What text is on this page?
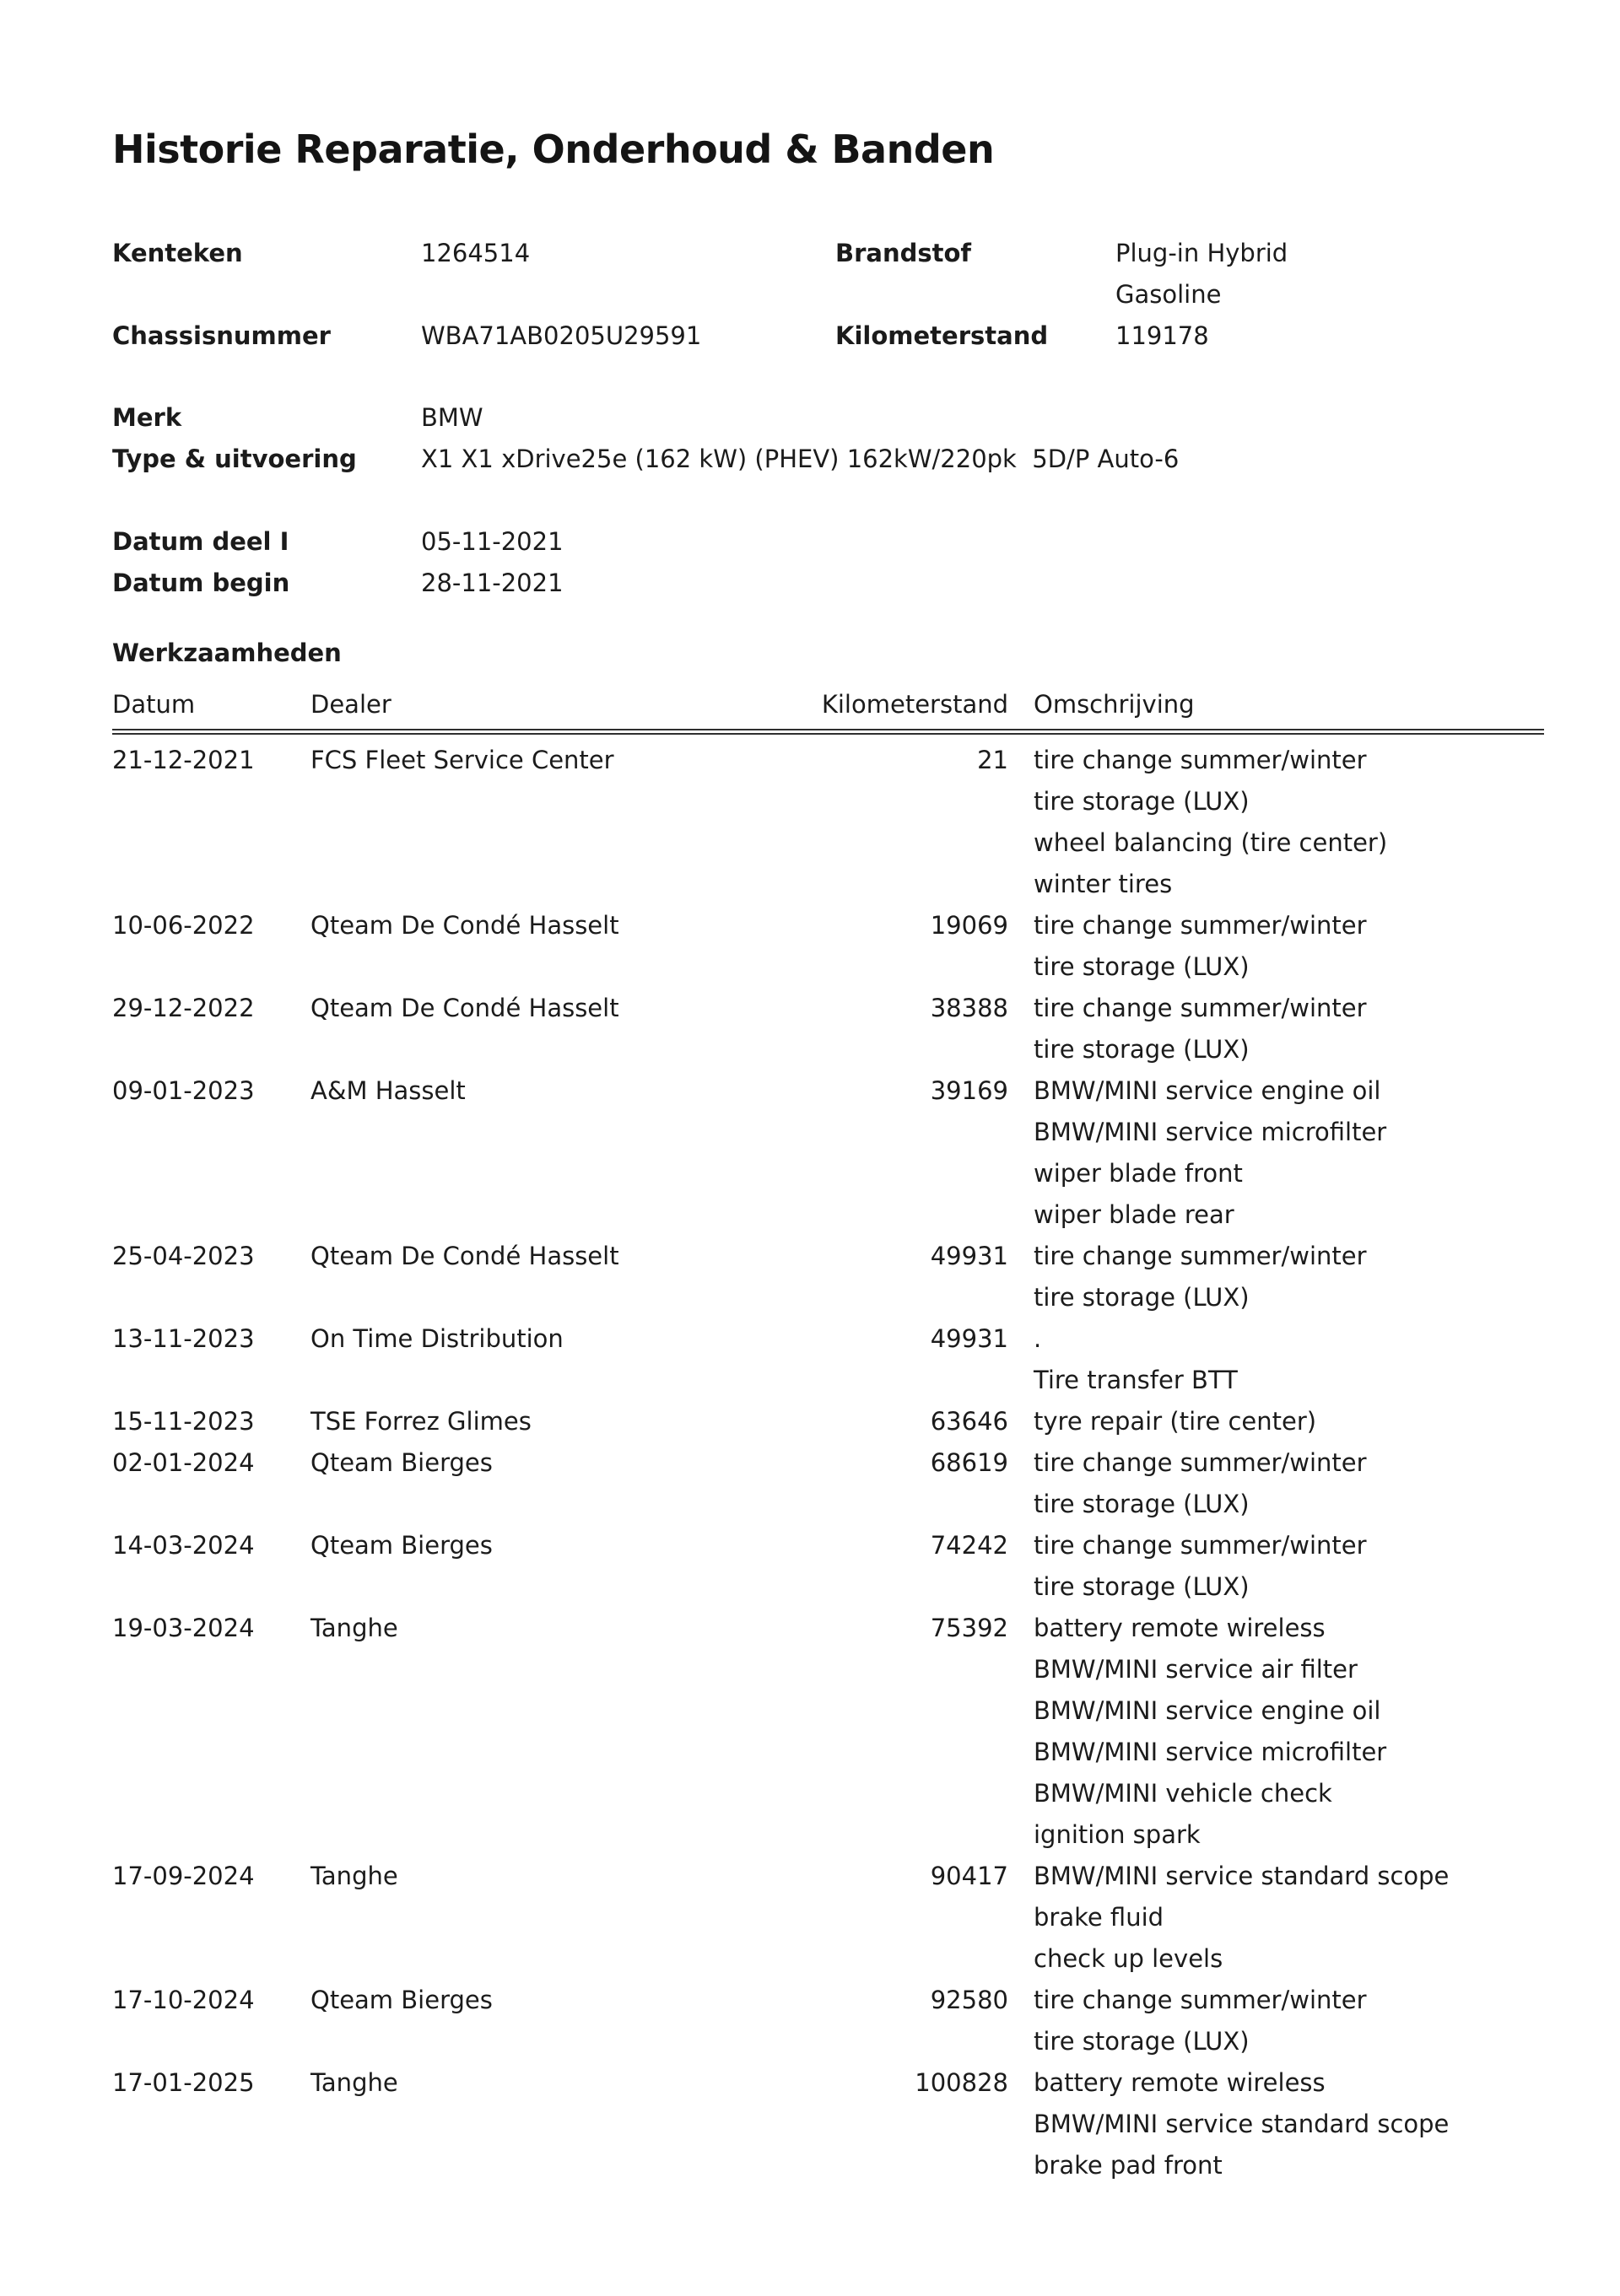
Historie Reparatie, Onderhoud & Banden
Kenteken	1264514	Brandstof	Plug-in Hybrid Gasoline
Chassisnummer	WBA71AB0205U29591	Kilometerstand	119178
Merk	BMW
Type & uitvoering	X1 X1 xDrive25e (162 kW) (PHEV) 162kW/220pk  5D/P Auto-6
Datum deel I	05-11-2021
Datum begin	28-11-2021
Werkzaamheden
Datum	Dealer	Kilometerstand	Omschrijving
21-12-2021	FCS Fleet Service Center	21 tire change summer/winter
tire storage (LUX)
wheel balancing (tire center)
winter tires
10-06-2022	Qteam De Condé Hasselt	19069 tire change summer/winter
tire storage (LUX)
29-12-2022	Qteam De Condé Hasselt	38388 tire change summer/winter
tire storage (LUX)
09-01-2023	A&M Hasselt	39169 BMW/MINI service engine oil
BMW/MINI service microfilter
wiper blade front
wiper blade rear
25-04-2023	Qteam De Condé Hasselt	49931 tire change summer/winter
tire storage (LUX)
13-11-2023	On Time Distribution	49931 .
Tire transfer BTT
15-11-2023	TSE Forrez Glimes	63646 tyre repair (tire center)
02-01-2024	Qteam Bierges	68619 tire change summer/winter
tire storage (LUX)
14-03-2024	Qteam Bierges	74242 tire change summer/winter
tire storage (LUX)
19-03-2024	Tanghe	75392 battery remote wireless
BMW/MINI service air filter
BMW/MINI service engine oil
BMW/MINI service microfilter
BMW/MINI vehicle check
ignition spark
17-09-2024	Tanghe	90417 BMW/MINI service standard scope
brake fluid
check up levels
17-10-2024	Qteam Bierges	92580 tire change summer/winter
tire storage (LUX)
17-01-2025	Tanghe	100828 battery remote wireless
BMW/MINI service standard scope
brake pad front
